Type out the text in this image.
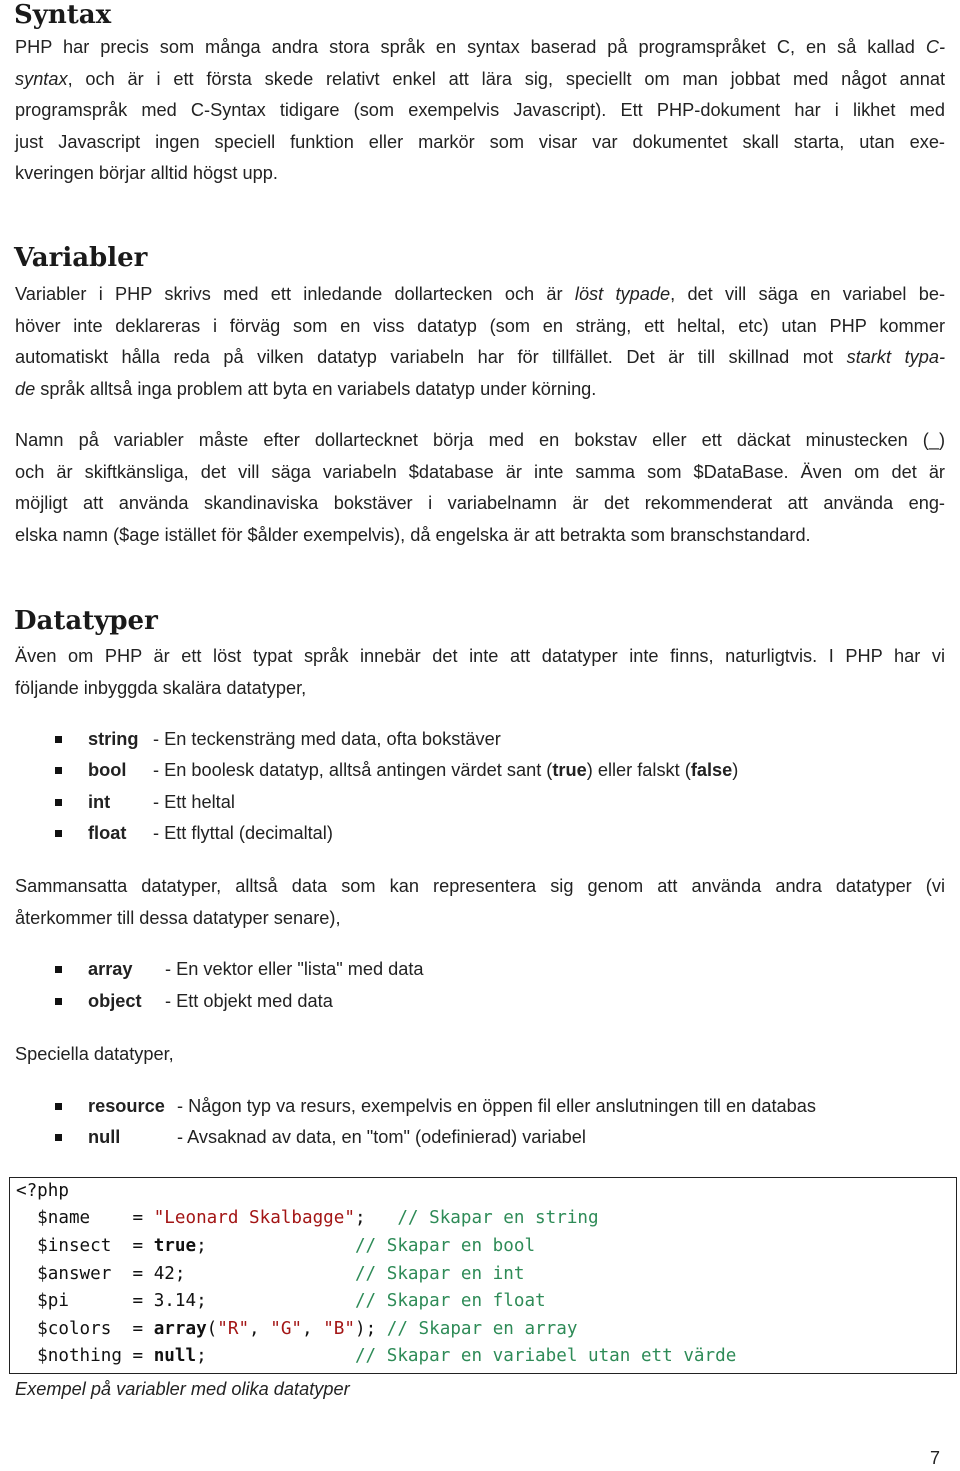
Syntax
PHP har precis som många andra stora språk en syntax baserad på programspråket C, en så kallad C-
syntax, och är i ett första skede relativt enkel att lära sig, speciellt om man jobbat med något annat
programspråk med C-Syntax tidigare (som exempelvis Javascript). Ett PHP-dokument har i likhet med
just Javascript ingen speciell funktion eller markör som visar var dokumentet skall starta, utan exe-
kveringen börjar alltid högst upp.
Variabler
Variabler i PHP skrivs med ett inledande dollartecken och är löst typade, det vill säga en variabel be-
höver inte deklareras i förväg som en viss datatyp (som en sträng, ett heltal, etc) utan PHP kommer
automatiskt hålla reda på vilken datatyp variabeln har för tillfället. Det är till skillnad mot starkt typa-
de språk alltså inga problem att byta en variabels datatyp under körning.
Namn på variabler måste efter dollartecknet börja med en bokstav eller ett däckat minustecken (_)
och är skiftkänsliga, det vill säga variabeln $database är inte samma som $DataBase. Även om det är
möjligt att använda skandinaviska bokstäver i variabelnamn är det rekommenderat att använda eng-
elska namn ($age istället för $ålder exempelvis), då engelska är att betrakta som branschstandard.
Datatyper
Även om PHP är ett löst typat språk innebär det inte att datatyper inte finns, naturligtvis. I PHP har vi
följande inbyggda skalära datatyper,
string - En teckensträng med data, ofta bokstäver
bool - En boolesk datatyp, alltså antingen värdet sant (true) eller falskt (false)
int - Ett heltal
float - Ett flyttal (decimaltal)
Sammansatta datatyper, alltså data som kan representera sig genom att använda andra datatyper (vi
återkommer till dessa datatyper senare),
array - En vektor eller "lista" med data
object - Ett objekt med data
Speciella datatyper,
resource - Någon typ va resurs, exempelvis en öppen fil eller anslutningen till en databas
null	- Avsaknad av data, en "tom" (odefinierad) variabel
<?php
$name    = "Leonard Skalbagge";   // Skapar en string
$insect  = true;              // Skapar en bool
$answer  = 42;                // Skapar en int
$pi      = 3.14;              // Skapar en float
$colors  = array("R", "G", "B"); // Skapar en array
$nothing = null;              // Skapar en variabel utan ett värde
Exempel på variabler med olika datatyper
7
